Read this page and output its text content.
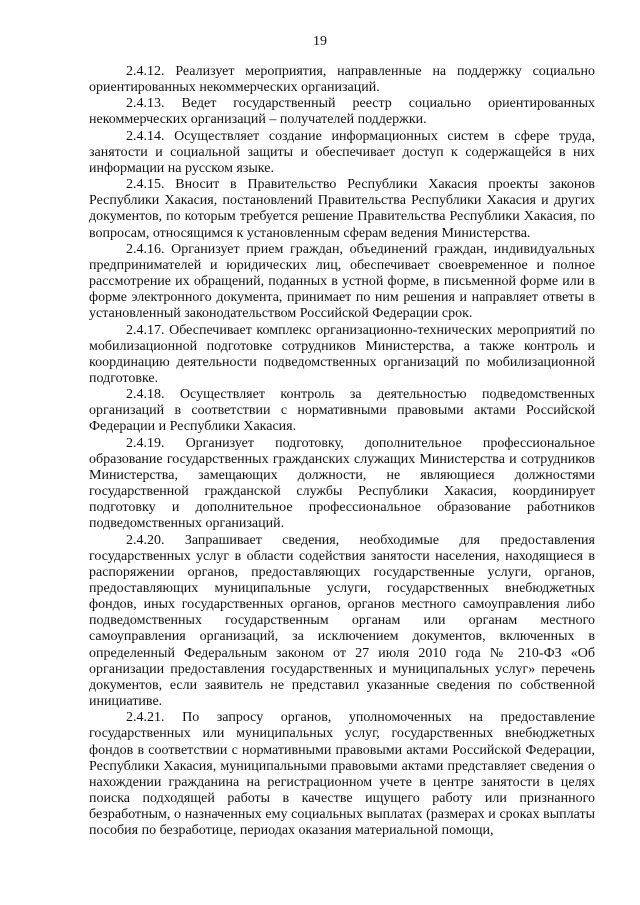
19

2.4.12. Реализует мероприятия, направленные на поддержку социально ориентированных некоммерческих организаций.

2.4.13. Ведет государственный реестр социально ориентированных некоммерческих организаций – получателей поддержки.

2.4.14. Осуществляет создание информационных систем в сфере труда, занятости и социальной защиты и обеспечивает доступ к содержащейся в них информации на русском языке.

2.4.15. Вносит в Правительство Республики Хакасия проекты законов Республики Хакасия, постановлений Правительства Республики Хакасия и других документов, по которым требуется решение Правительства Республики Хакасия, по вопросам, относящимся к установленным сферам ведения Министерства.

2.4.16. Организует прием граждан, объединений граждан, индивидуальных предпринимателей и юридических лиц, обеспечивает своевременное и полное рассмотрение их обращений, поданных в устной форме, в письменной форме или в форме электронного документа, принимает по ним решения и направляет ответы в установленный законодательством Российской Федерации срок.

2.4.17. Обеспечивает комплекс организационно-технических мероприятий по мобилизационной подготовке сотрудников Министерства, а также контроль и координацию деятельности подведомственных организаций по мобилизационной подготовке.

2.4.18. Осуществляет контроль за деятельностью подведомственных организаций в соответствии с нормативными правовыми актами Российской Федерации и Республики Хакасия.

2.4.19. Организует подготовку, дополнительное профессиональное образование государственных гражданских служащих Министерства и сотрудников Министерства, замещающих должности, не являющиеся должностями государственной гражданской службы Республики Хакасия, координирует подготовку и дополнительное профессиональное образование работников подведомственных организаций.

2.4.20. Запрашивает сведения, необходимые для предоставления государственных услуг в области содействия занятости населения, находящиеся в распоряжении органов, предоставляющих государственные услуги, органов, предоставляющих муниципальные услуги, государственных внебюджетных фондов, иных государственных органов, органов местного самоуправления либо подведомственных государственным органам или органам местного самоуправления организаций, за исключением документов, включенных в определенный Федеральным законом от 27 июля 2010 года № 210-ФЗ «Об организации предоставления государственных и муниципальных услуг» перечень документов, если заявитель не представил указанные сведения по собственной инициативе.

2.4.21. По запросу органов, уполномоченных на предоставление государственных или муниципальных услуг, государственных внебюджетных фондов в соответствии с нормативными правовыми актами Российской Федерации, Республики Хакасия, муниципальными правовыми актами представляет сведения о нахождении гражданина на регистрационном учете в центре занятости в целях поиска подходящей работы в качестве ищущего работу или признанного безработным, о назначенных ему социальных выплатах (размерах и сроках выплаты пособия по безработице, периодах оказания материальной помощи,
